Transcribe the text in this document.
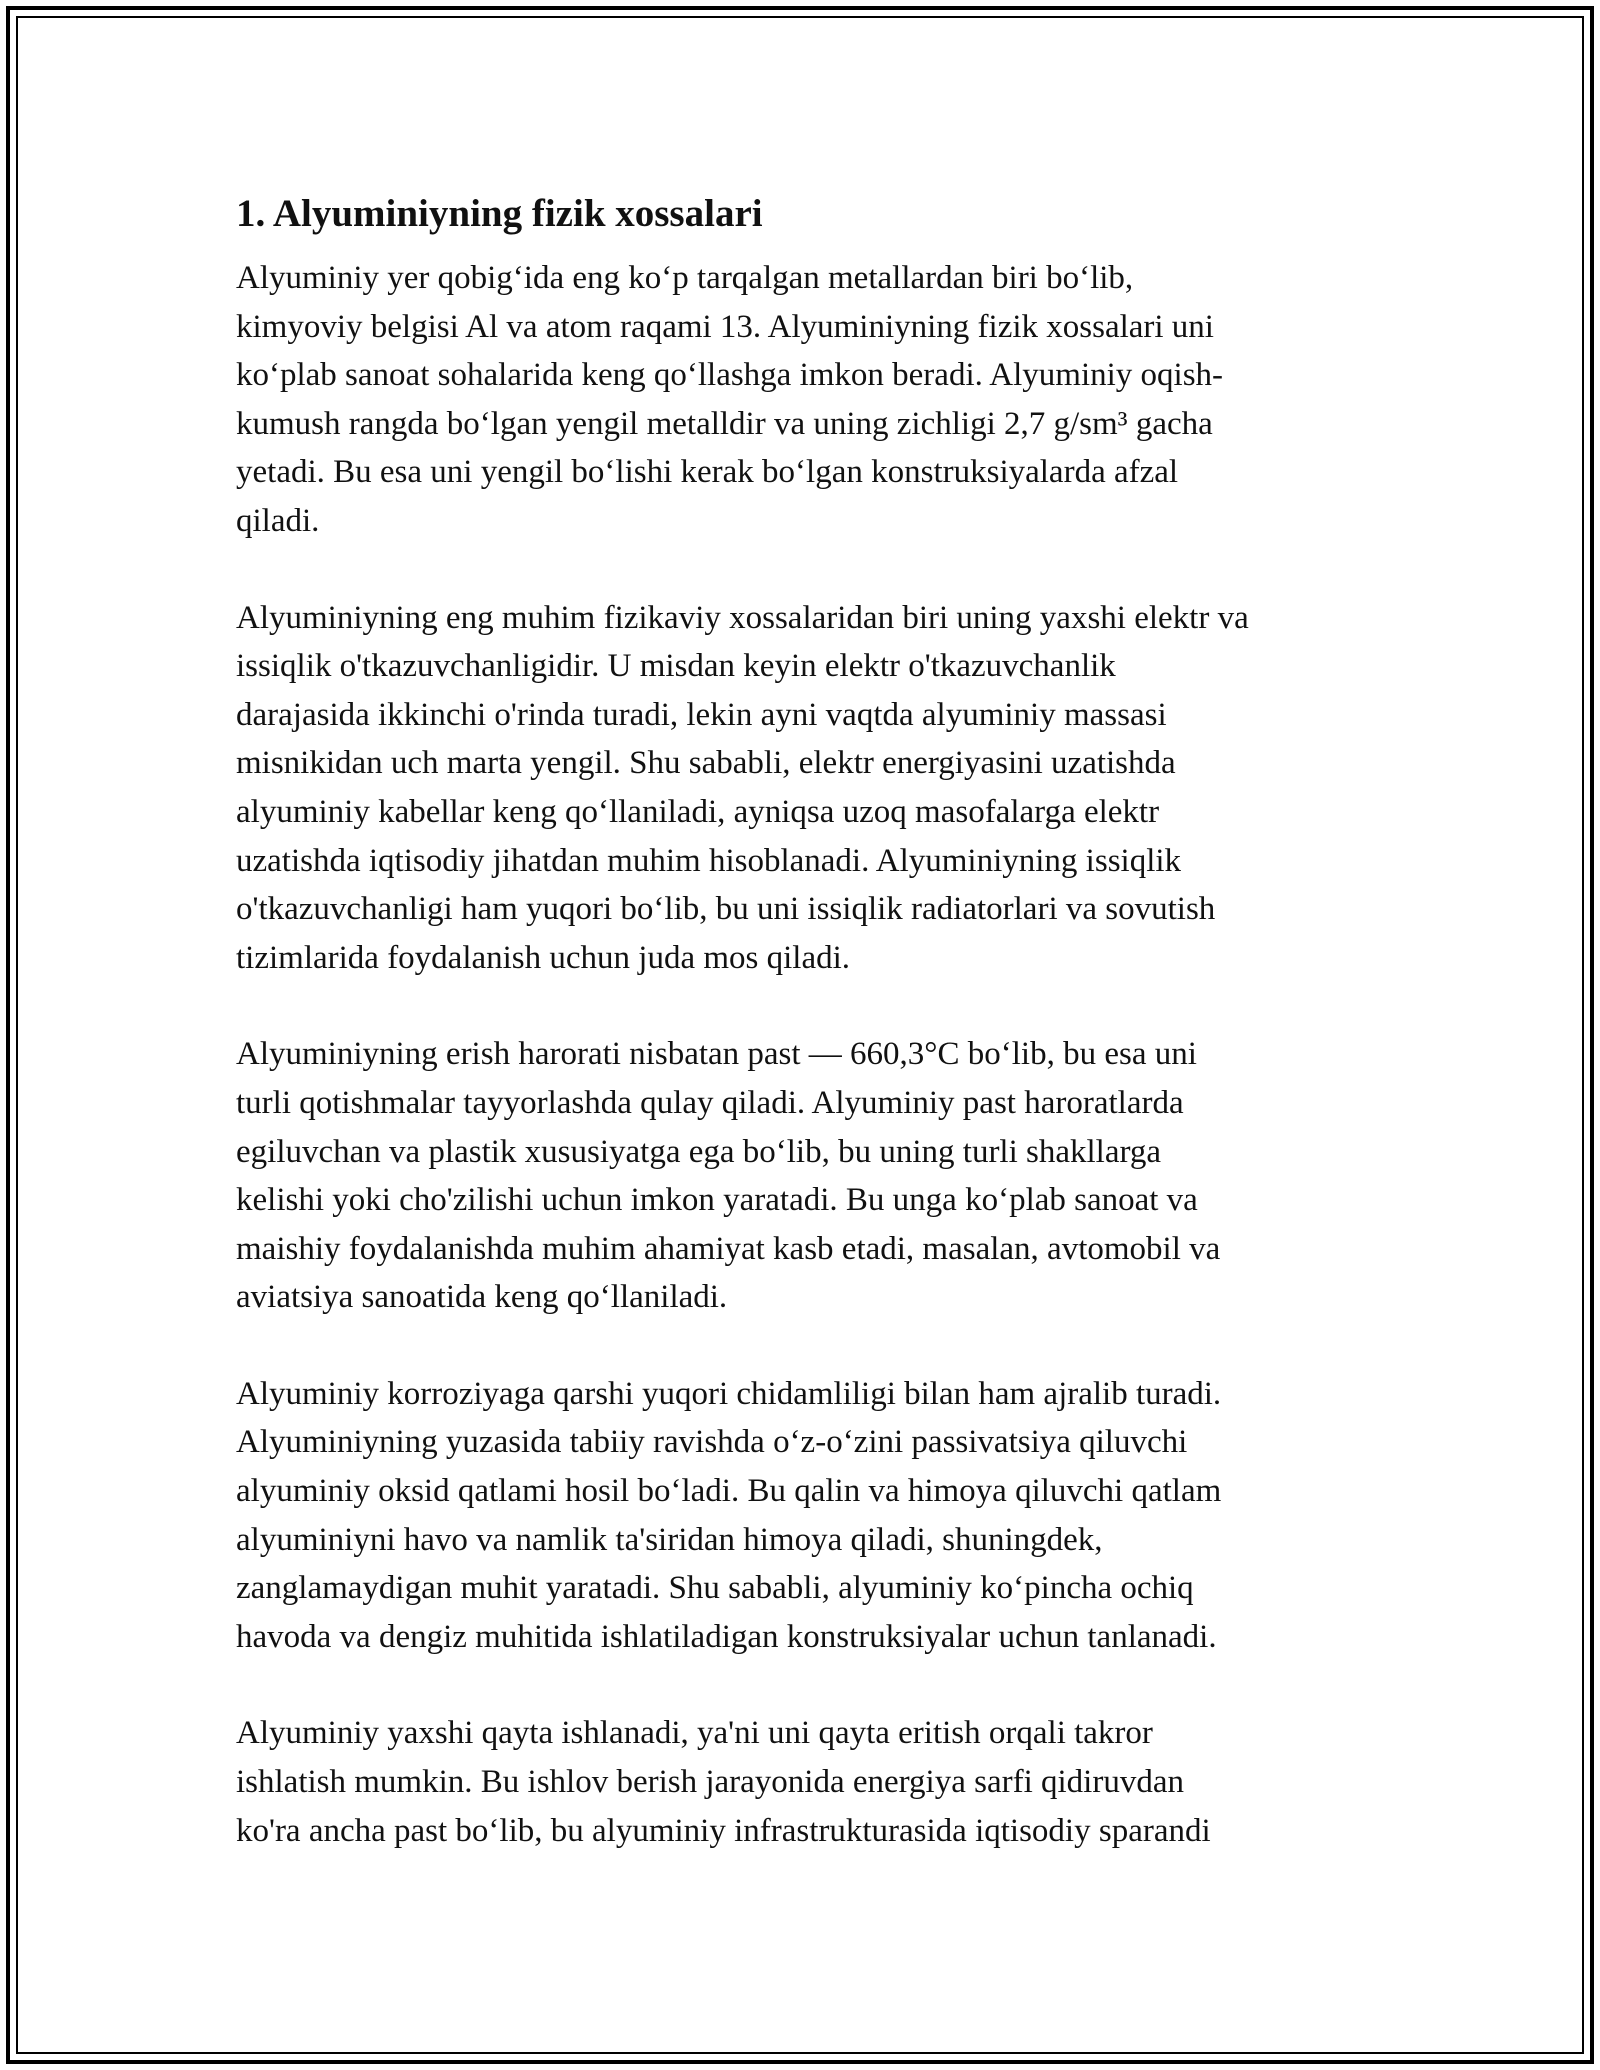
1. Alyuminiyning fizik xossalari

Alyuminiy yer qobig‘ida eng ko‘p tarqalgan metallardan biri bo‘lib,
kimyoviy belgisi Al va atom raqami 13. Alyuminiyning fizik xossalari uni
ko‘plab sanoat sohalarida keng qo‘llashga imkon beradi. Alyuminiy oqish-
kumush rangda bo‘lgan yengil metalldir va uning zichligi 2,7 g/sm³ gacha
yetadi. Bu esa uni yengil bo‘lishi kerak bo‘lgan konstruksiyalarda afzal
qiladi.

Alyuminiyning eng muhim fizikaviy xossalaridan biri uning yaxshi elektr va
issiqlik o'tkazuvchanligidir. U misdan keyin elektr o'tkazuvchanlik
darajasida ikkinchi o'rinda turadi, lekin ayni vaqtda alyuminiy massasi
misnikidan uch marta yengil. Shu sababli, elektr energiyasini uzatishda
alyuminiy kabellar keng qo‘llaniladi, ayniqsa uzoq masofalarga elektr
uzatishda iqtisodiy jihatdan muhim hisoblanadi. Alyuminiyning issiqlik
o'tkazuvchanligi ham yuqori bo‘lib, bu uni issiqlik radiatorlari va sovutish
tizimlarida foydalanish uchun juda mos qiladi.

Alyuminiyning erish harorati nisbatan past — 660,3°C bo‘lib, bu esa uni
turli qotishmalar tayyorlashda qulay qiladi. Alyuminiy past haroratlarda
egiluvchan va plastik xususiyatga ega bo‘lib, bu uning turli shakllarga
kelishi yoki cho'zilishi uchun imkon yaratadi. Bu unga ko‘plab sanoat va
maishiy foydalanishda muhim ahamiyat kasb etadi, masalan, avtomobil va
aviatsiya sanoatida keng qo‘llaniladi.

Alyuminiy korroziyaga qarshi yuqori chidamliligi bilan ham ajralib turadi.
Alyuminiyning yuzasida tabiiy ravishda o‘z-o‘zini passivatsiya qiluvchi
alyuminiy oksid qatlami hosil bo‘ladi. Bu qalin va himoya qiluvchi qatlam
alyuminiyni havo va namlik ta'siridan himoya qiladi, shuningdek,
zanglamaydigan muhit yaratadi. Shu sababli, alyuminiy ko‘pincha ochiq
havoda va dengiz muhitida ishlatiladigan konstruksiyalar uchun tanlanadi.

Alyuminiy yaxshi qayta ishlanadi, ya'ni uni qayta eritish orqali takror
ishlatish mumkin. Bu ishlov berish jarayonida energiya sarfi qidiruvdan
ko'ra ancha past bo‘lib, bu alyuminiy infrastrukturasida iqtisodiy sparandi
